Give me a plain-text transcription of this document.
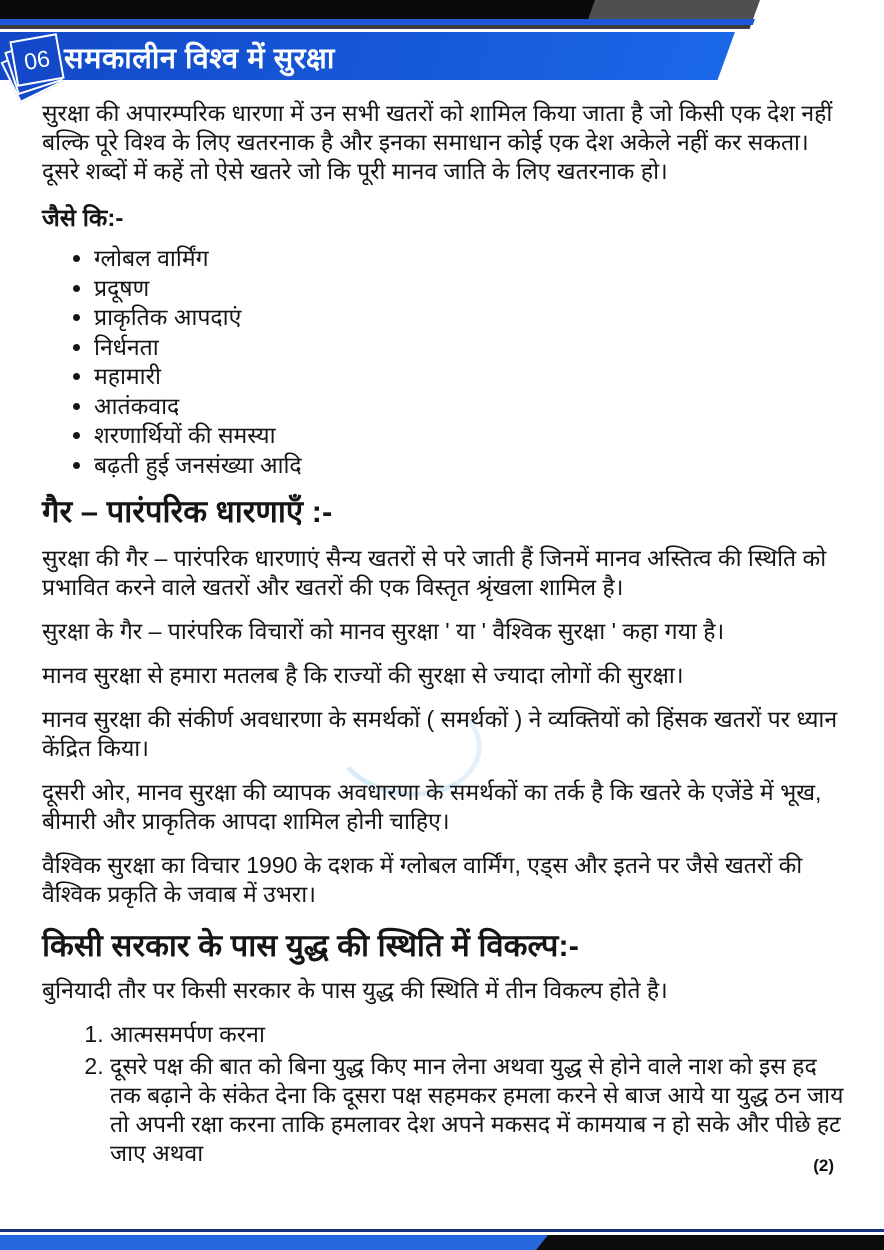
06 समकालीन विश्व में सुरक्षा

सुरक्षा की अपारम्परिक धारणा में उन सभी खतरों को शामिल किया जाता है जो किसी एक देश नहीं बल्कि पूरे विश्व के लिए खतरनाक है और इनका समाधान कोई एक देश अकेले नहीं कर सकता। दूसरे शब्दों में कहें तो ऐसे खतरे जो कि पूरी मानव जाति के लिए खतरनाक हो।

जैसे कि:-
• ग्लोबल वार्मिंग
• प्रदूषण
• प्राकृतिक आपदाएं
• निर्धनता
• महामारी
• आतंकवाद
• शरणार्थियों की समस्या
• बढ़ती हुई जनसंख्या आदि
गैर – पारंपरिक धारणाएँ :-

सुरक्षा की गैर – पारंपरिक धारणाएं सैन्य खतरों से परे जाती हैं जिनमें मानव अस्तित्व की स्थिति को प्रभावित करने वाले खतरों और खतरों की एक विस्तृत श्रृंखला शामिल है।

सुरक्षा के गैर – पारंपरिक विचारों को मानव सुरक्षा ' या ' वैश्विक सुरक्षा ' कहा गया है।

मानव सुरक्षा से हमारा मतलब है कि राज्यों की सुरक्षा से ज्यादा लोगों की सुरक्षा।

मानव सुरक्षा की संकीर्ण अवधारणा के समर्थकों ( समर्थकों ) ने व्यक्तियों को हिंसक खतरों पर ध्यान केंद्रित किया।

दूसरी ओर, मानव सुरक्षा की व्यापक अवधारणा के समर्थकों का तर्क है कि खतरे के एजेंडे में भूख, बीमारी और प्राकृतिक आपदा शामिल होनी चाहिए।

वैश्विक सुरक्षा का विचार 1990 के दशक में ग्लोबल वार्मिंग, एड्स और इतने पर जैसे खतरों की वैश्विक प्रकृति के जवाब में उभरा।

किसी सरकार के पास युद्ध की स्थिति में विकल्प:-

बुनियादी तौर पर किसी सरकार के पास युद्ध की स्थिति में तीन विकल्प होते है।

1. आत्मसमर्पण करना
2. दूसरे पक्ष की बात को बिना युद्ध किए मान लेना अथवा युद्ध से होने वाले नाश को इस हद तक बढ़ाने के संकेत देना कि दूसरा पक्ष सहमकर हमला करने से बाज आये या युद्ध ठन जाय तो अपनी रक्षा करना ताकि हमलावर देश अपने मकसद में कामयाब न हो सके और पीछे हट जाए अथवा	(2)
